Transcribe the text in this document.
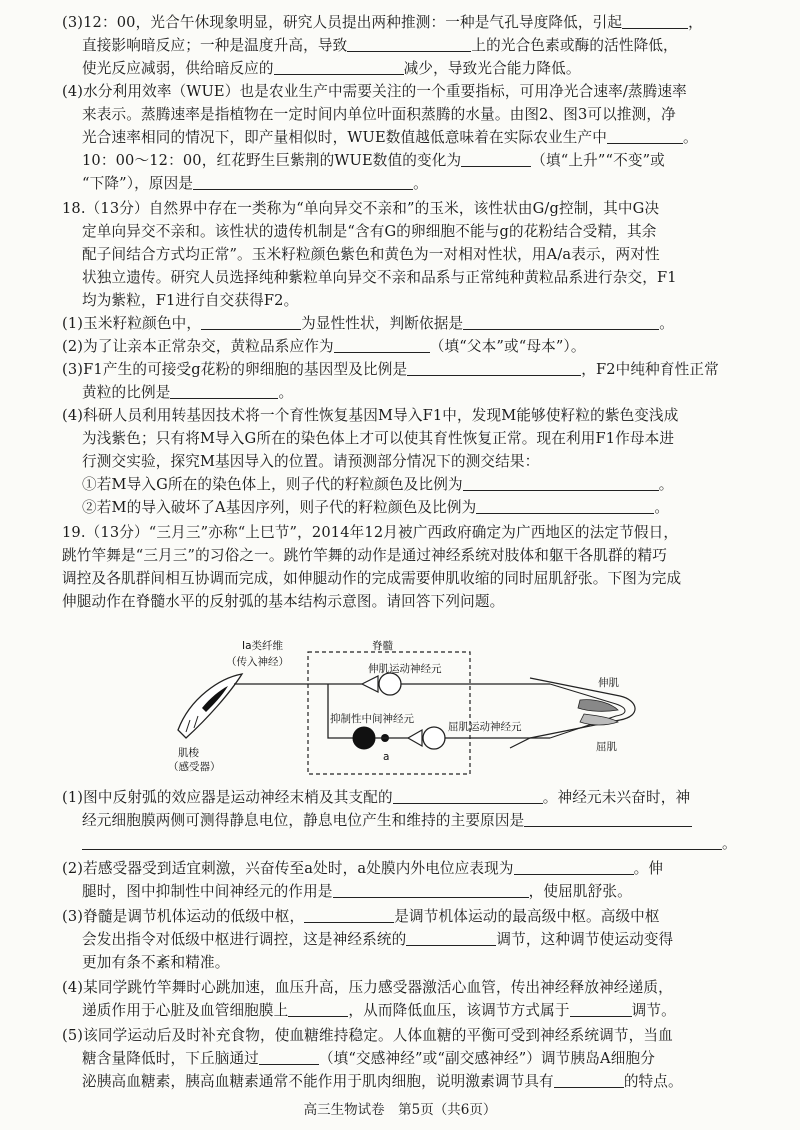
(3)12：00，光合午休现象明显，研究人员提出两种推测：一种是气孔导度降低，引起	，
直接影响暗反应；一种是温度升高，导致	上的光合色素或酶的活性降低，
使光反应减弱，供给暗反应的	减少，导致光合能力降低。
(4)水分利用效率（WUE）也是农业生产中需要关注的一个重要指标，可用净光合速率/蒸腾速率
来表示。蒸腾速率是指植物在一定时间内单位叶面积蒸腾的水量。由图2、图3可以推测，净
光合速率相同的情况下，即产量相似时，WUE数值越低意味着在实际农业生产中	。
10：00～12：00，红花野生巨紫荆的WUE数值的变化为	（填“上升”“不变”或
“下降”），原因是	。
18.（13分）自然界中存在一类称为“单向异交不亲和”的玉米，该性状由G/g控制，其中G决
定单向异交不亲和。该性状的遗传机制是“含有G的卵细胞不能与g的花粉结合受精，其余
配子间结合方式均正常”。玉米籽粒颜色紫色和黄色为一对相对性状，用A/a表示，两对性
状独立遗传。研究人员选择纯种紫粒单向异交不亲和品系与正常纯种黄粒品系进行杂交，F1
均为紫粒，F1进行自交获得F2。
(1)玉米籽粒颜色中，	为显性性状，判断依据是	。
(2)为了让亲本正常杂交，黄粒品系应作为	（填“父本”或“母本”）。
(3)F1产生的可接受g花粉的卵细胞的基因型及比例是	，F2中纯种育性正常
黄粒的比例是	。
(4)科研人员利用转基因技术将一个育性恢复基因M导入F1中，发现M能够使籽粒的紫色变浅成
为浅紫色；只有将M导入G所在的染色体上才可以使其育性恢复正常。现在利用F1作母本进
行测交实验，探究M基因导入的位置。请预测部分情况下的测交结果：
①若M导入G所在的染色体上，则子代的籽粒颜色及比例为	。
②若M的导入破坏了A基因序列，则子代的籽粒颜色及比例为	。
19.（13分）“三月三”亦称“上巳节”，2014年12月被广西政府确定为广西地区的法定节假日，
跳竹竿舞是“三月三”的习俗之一。跳竹竿舞的动作是通过神经系统对肢体和躯干各肌群的精巧
调控及各肌群间相互协调而完成，如伸腿动作的完成需要伸肌收缩的同时屈肌舒张。下图为完成
伸腿动作在脊髓水平的反射弧的基本结构示意图。请回答下列问题。
脊髓
Ia类纤维
（传入神经）
肌梭
（感受器）
伸肌运动神经元
a
抑制性中间神经元
屈肌运动神经元
伸肌
屈肌
(1)图中反射弧的效应器是运动神经末梢及其支配的	。神经元未兴奋时，神
经元细胞膜两侧可测得静息电位，静息电位产生和维持的主要原因是
。
(2)若感受器受到适宜刺激，兴奋传至a处时，a处膜内外电位应表现为	。伸
腿时，图中抑制性中间神经元的作用是	，使屈肌舒张。
(3)脊髓是调节机体运动的低级中枢，	是调节机体运动的最高级中枢。高级中枢
会发出指令对低级中枢进行调控，这是神经系统的	调节，这种调节使运动变得
更加有条不紊和精准。
(4)某同学跳竹竿舞时心跳加速，血压升高，压力感受器激活心血管，传出神经释放神经递质，
递质作用于心脏及血管细胞膜上	，从而降低血压，该调节方式属于	调节。
(5)该同学运动后及时补充食物，使血糖维持稳定。人体血糖的平衡可受到神经系统调节，当血
糖含量降低时，下丘脑通过	（填“交感神经”或“副交感神经”）调节胰岛A细胞分
泌胰高血糖素，胰高血糖素通常不能作用于肌肉细胞，说明激素调节具有	的特点。
高三生物试卷　第5页（共6页）
